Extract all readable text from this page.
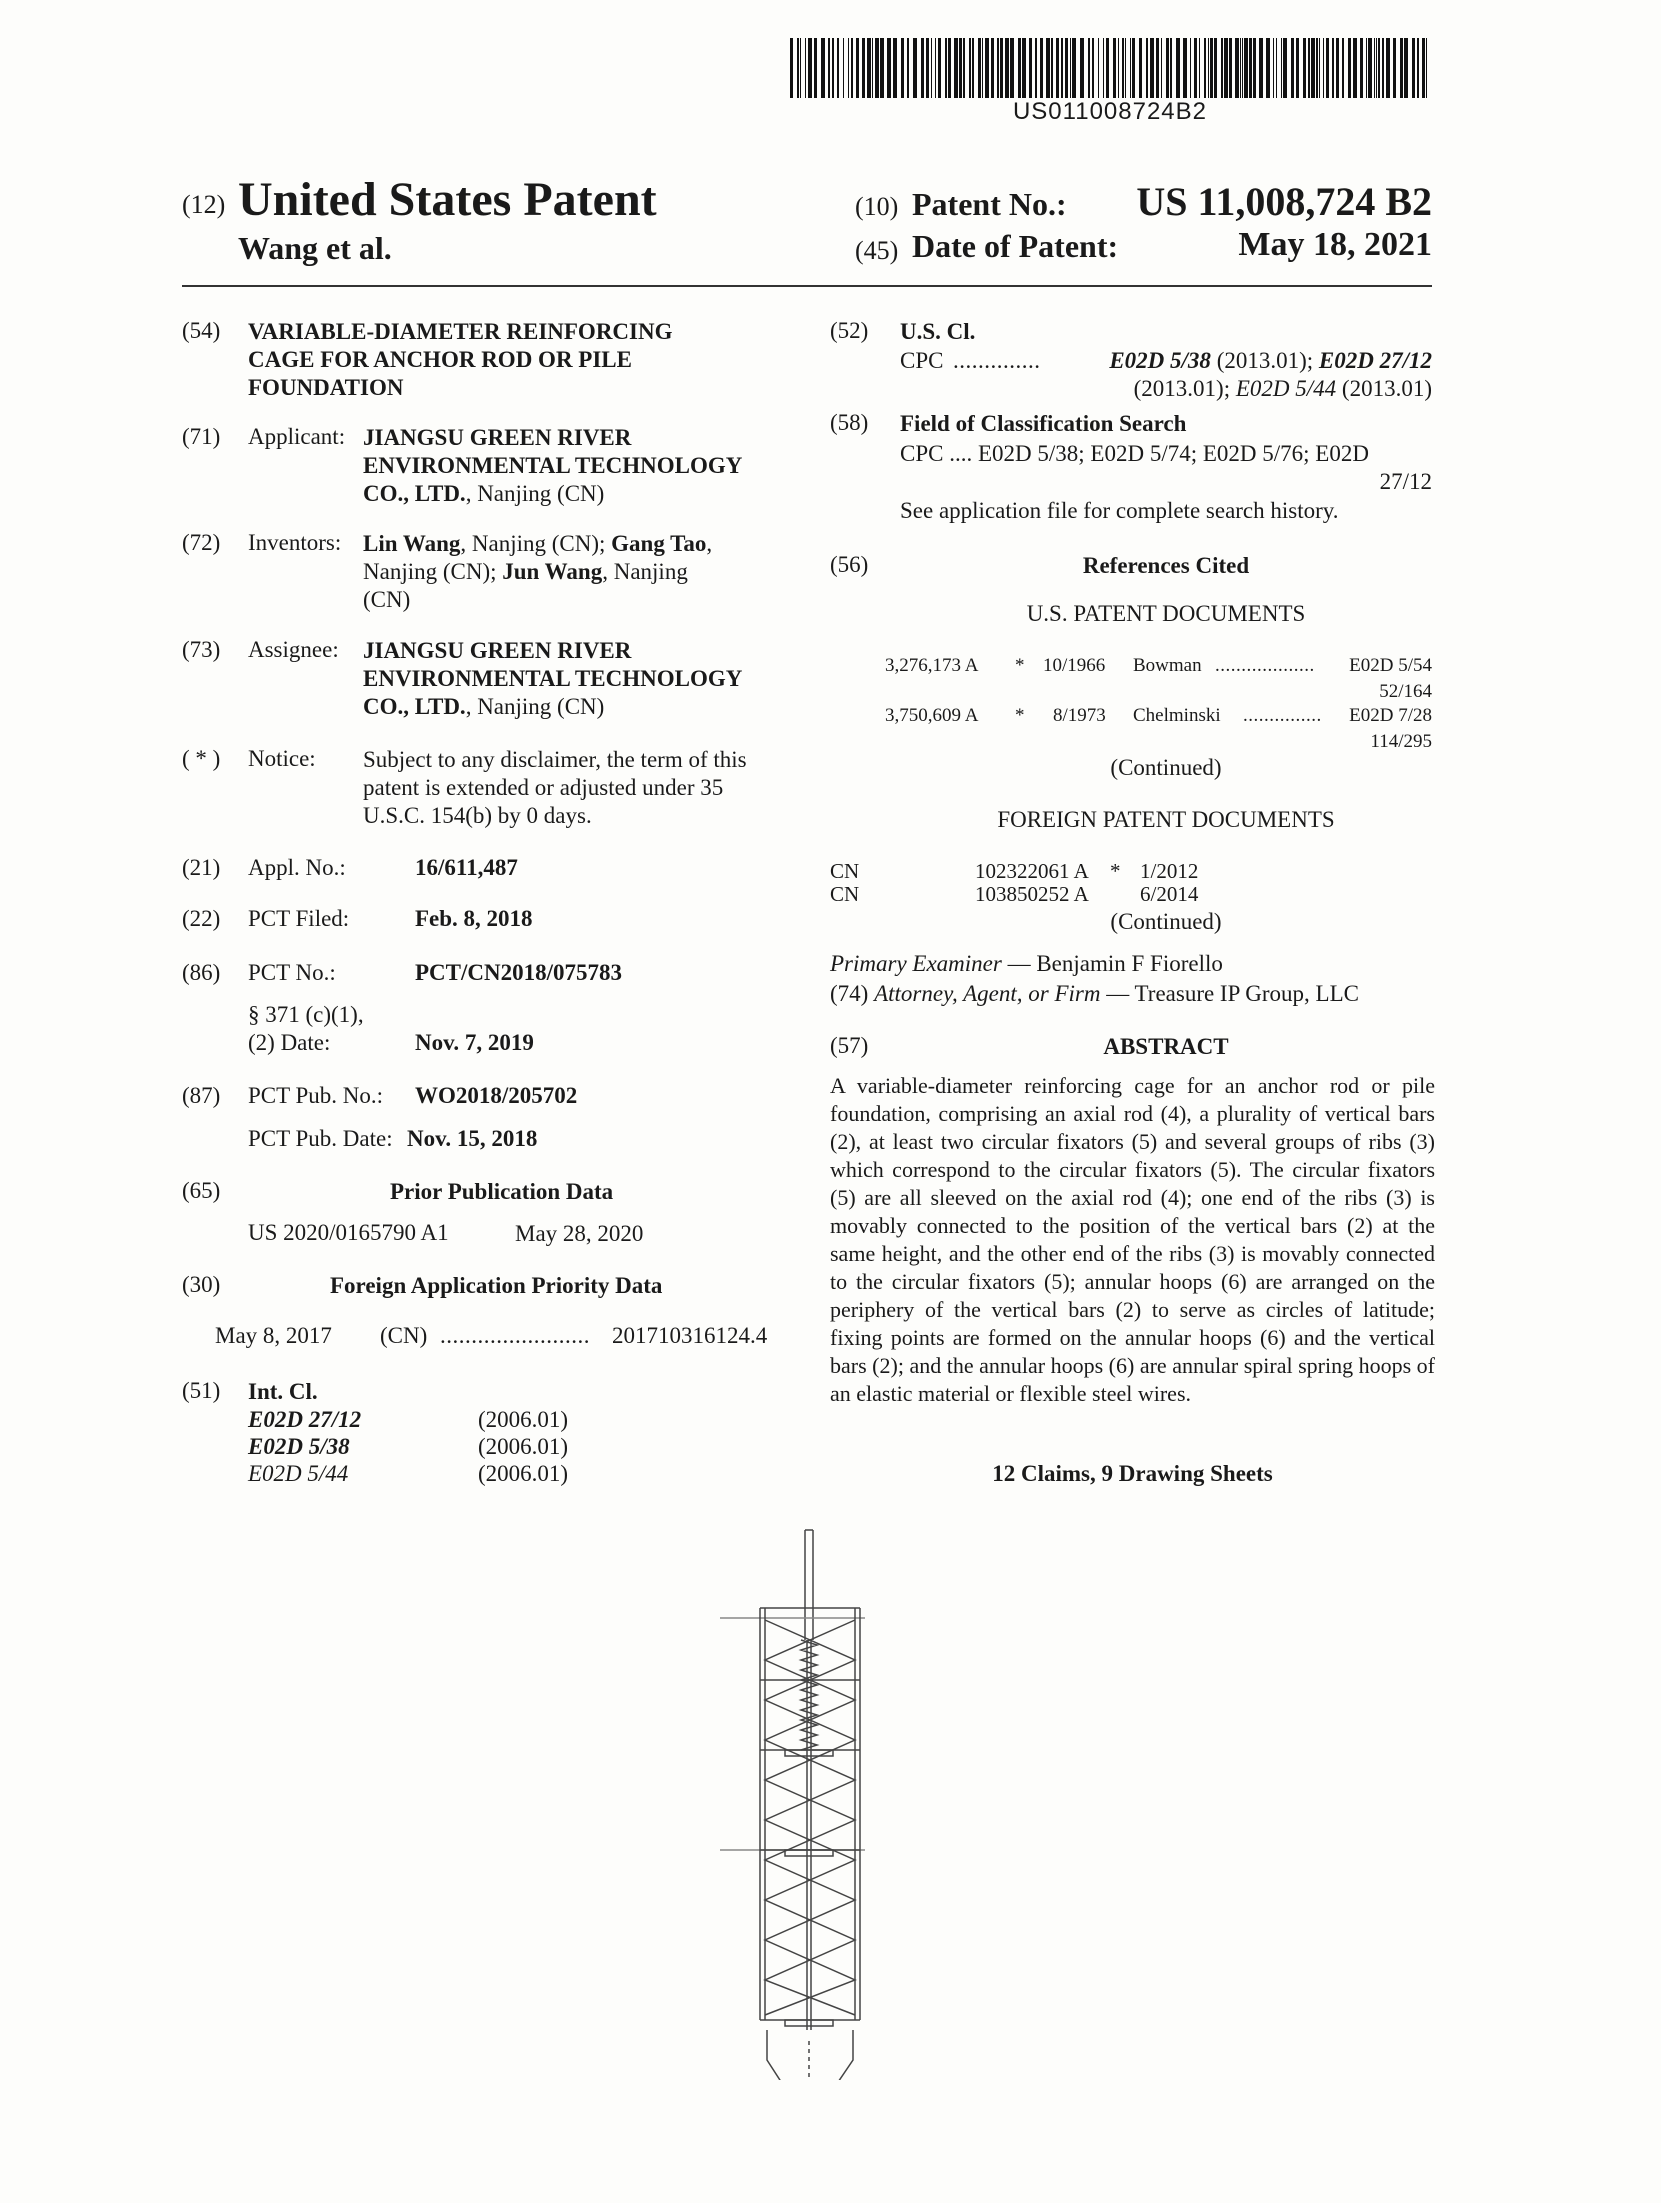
US011008724B2
(12) United States Patent
Wang et al.
(10) Patent No.: US 11,008,724 B2
(45) Date of Patent:	May 18, 2021
(54) VARIABLE-DIAMETER REINFORCING
CAGE FOR ANCHOR ROD OR PILE
FOUNDATION
(71) Applicant: JIANGSU GREEN RIVER
ENVIRONMENTAL TECHNOLOGY
CO., LTD., Nanjing (CN)
(72) Inventors: Lin Wang, Nanjing (CN); Gang Tao,
Nanjing (CN); Jun Wang, Nanjing
(CN)
(73) Assignee: JIANGSU GREEN RIVER
ENVIRONMENTAL TECHNOLOGY
CO., LTD., Nanjing (CN)
( * ) Notice: Subject to any disclaimer, the term of this
patent is extended or adjusted under 35
U.S.C. 154(b) by 0 days.
(21) Appl. No.:	16/611,487
(22) PCT Filed:	Feb. 8, 2018
(86) PCT No.:	PCT/CN2018/075783
§ 371 (c)(1),
(2) Date:	Nov. 7, 2019
(87) PCT Pub. No.: WO2018/205702
PCT Pub. Date: Nov. 15, 2018
(65)	Prior Publication Data
US 2020/0165790 A1	May 28, 2020
(30)	Foreign Application Priority Data
May 8, 2017 (CN) ........................ 201710316124.4
(51) Int. Cl.
E02D 27/12	(2006.01)
E02D 5/38	(2006.01)
E02D 5/44	(2006.01)
(52) U.S. Cl.
CPC ..............	E02D 5/38 (2013.01); E02D 27/12
(2013.01); E02D 5/44 (2013.01)
(58) Field of Classification Search
CPC .... E02D 5/38; E02D 5/74; E02D 5/76; E02D
27/12
See application file for complete search history.
(56)	References Cited
U.S. PATENT DOCUMENTS
3,276,173 A * 10/1966 Bowman ...................	E02D 5/54
52/164
3,750,609 A * 8/1973 Chelminski ...............	E02D 7/28
114/295
(Continued)
FOREIGN PATENT DOCUMENTS
CN	102322061 A * 1/2012
CN	103850252 A 6/2014
(Continued)
Primary Examiner — Benjamin F Fiorello
(74) Attorney, Agent, or Firm — Treasure IP Group, LLC
(57)	ABSTRACT
A variable-diameter reinforcing cage for an anchor rod or pile foundation, comprising an axial rod (4), a plurality of vertical bars (2), at least two circular fixators (5) and several groups of ribs (3) which correspond to the circular fixators (5). The circular fixators (5) are all sleeved on the axial rod (4); one end of the ribs (3) is movably connected to the position of the vertical bars (2) at the same height, and the other end of the ribs (3) is movably connected to the circular fixators (5); annular hoops (6) are arranged on the periphery of the vertical bars (2) to serve as circles of latitude; fixing points are formed on the annular hoops (6) and the vertical bars (2); and the annular hoops (6) are annular spiral spring hoops of an elastic material or flexible steel wires.
12 Claims, 9 Drawing Sheets
